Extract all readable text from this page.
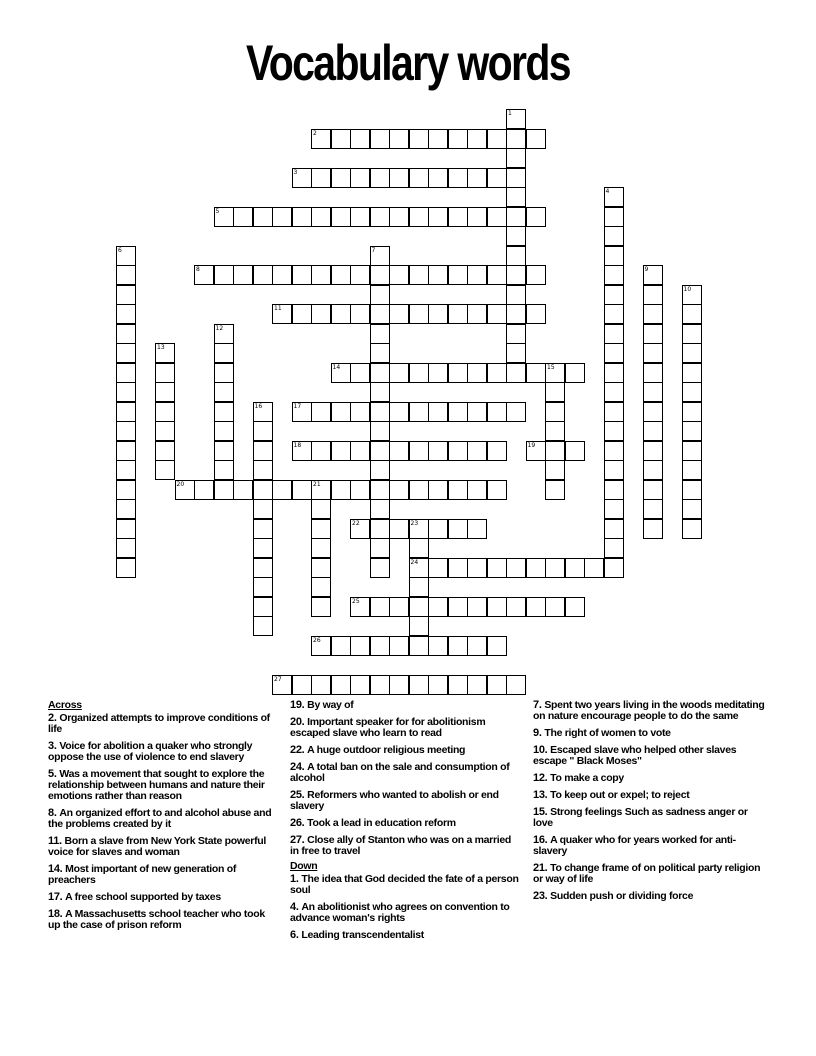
Vocabulary words
1
2
3
4
5
6	7
8	9
10
11
12
13
14	15
16	17
18	19
20	21
22	23
24
25
26
27
Across
2. Organized attempts to improve conditions of life
3. Voice for abolition a quaker who strongly oppose the use of violence to end slavery
5. Was a movement that sought to explore the relationship between humans and nature their emotions rather than reason
8. An organized effort to and alcohol abuse and the problems created by it
11. Born a slave from New York State powerful voice for slaves and woman
14. Most important of new generation of preachers
17. A free school supported by taxes
18. A Massachusetts school teacher who took up the case of prison reform
19. By way of
20. Important speaker for for abolitionism escaped slave who learn to read
22. A huge outdoor religious meeting
24. A total ban on the sale and consumption of alcohol
25. Reformers who wanted to abolish or end slavery
26. Took a lead in education reform
27. Close ally of Stanton who was on a married in free to travel
Down
1. The idea that God decided the fate of a person soul
4. An abolitionist who agrees on convention to advance woman's rights
6. Leading transcendentalist
7. Spent two years living in the woods meditating on nature encourage people to do the same
9. The right of women to vote
10. Escaped slave who helped other slaves escape " Black Moses"
12. To make a copy
13. To keep out or expel; to reject
15. Strong feelings Such as sadness anger or love
16. A quaker who for years worked for anti-slavery
21. To change frame of on political party religion or way of life
23. Sudden push or dividing force
